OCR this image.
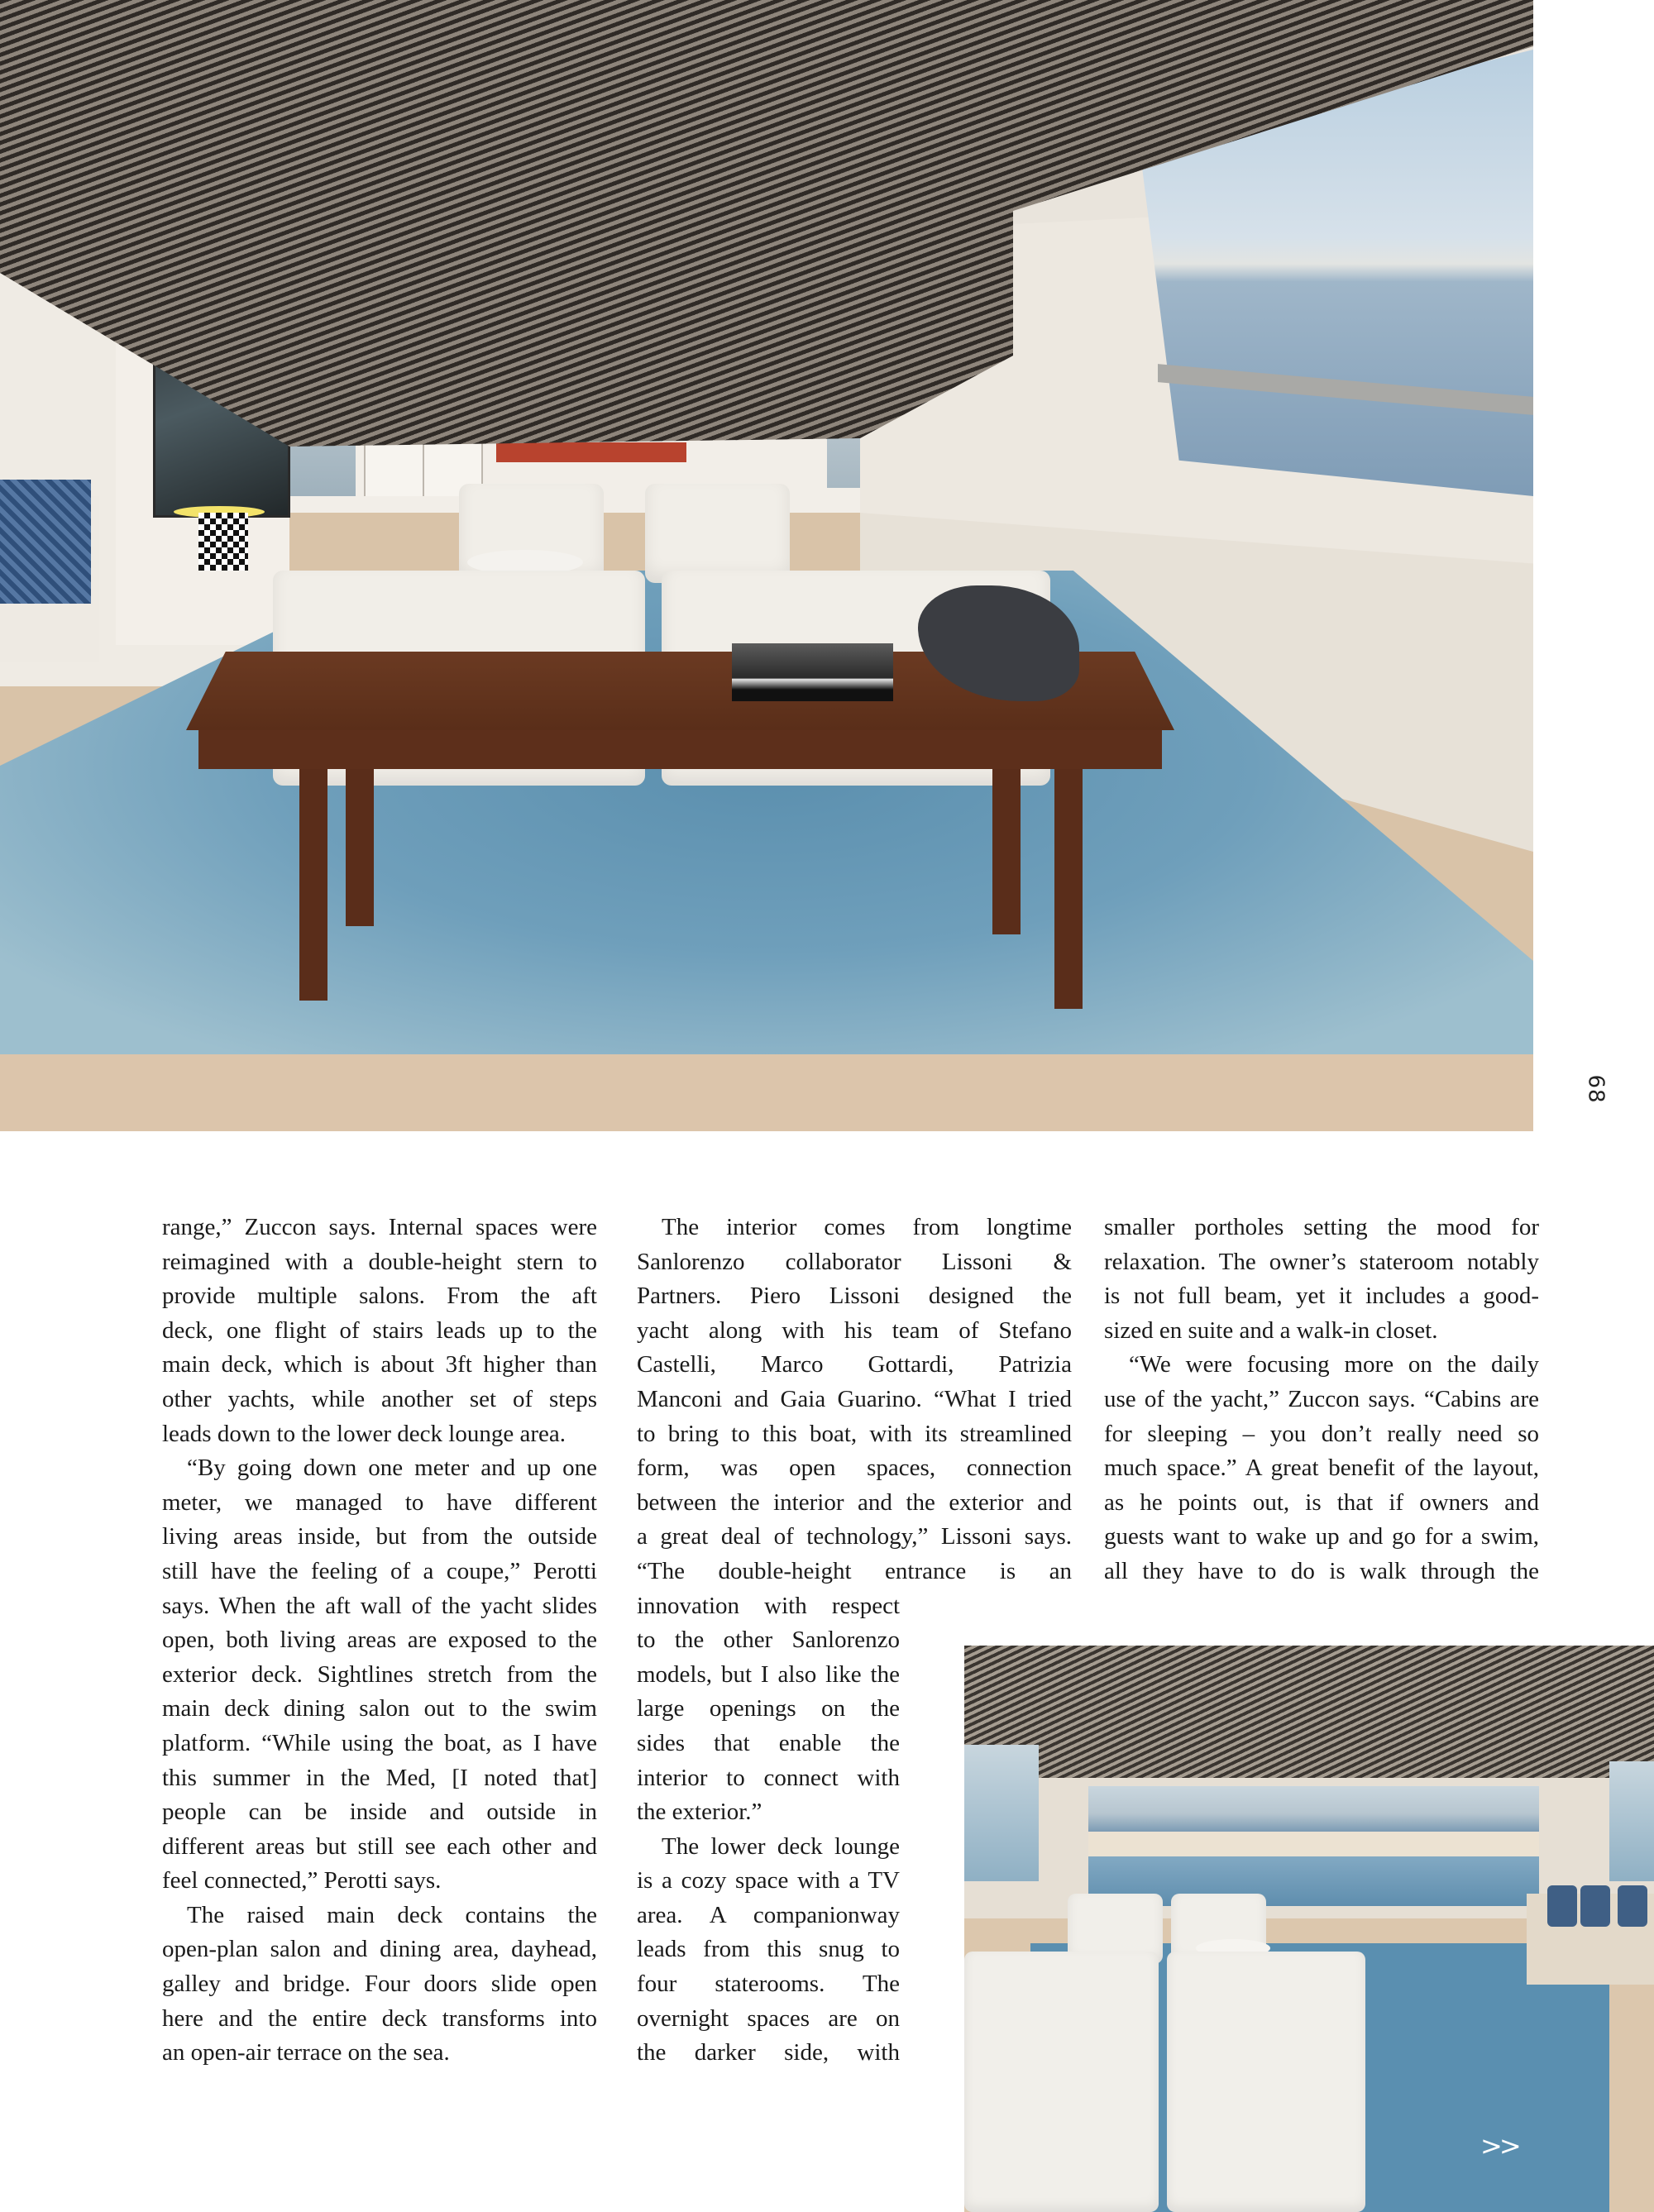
68
range,” Zuccon says. Internal spaces were
reimagined with a double-height stern to
provide multiple salons. From the aft
deck, one flight of stairs leads up to the
main deck, which is about 3ft higher than
other yachts, while another set of steps
leads down to the lower deck lounge area.
“By going down one meter and up one
meter, we managed to have different
living areas inside, but from the outside
still have the feeling of a coupe,” Perotti
says. When the aft wall of the yacht slides
open, both living areas are exposed to the
exterior deck. Sightlines stretch from the
main deck dining salon out to the swim
platform. “While using the boat, as I have
this summer in the Med, [I noted that]
people can be inside and outside in
different areas but still see each other and
feel connected,” Perotti says.
The raised main deck contains the
open-plan salon and dining area, dayhead,
galley and bridge. Four doors slide open
here and the entire deck transforms into
an open-air terrace on the sea.
The interior comes from longtime
Sanlorenzo collaborator Lissoni &
Partners. Piero Lissoni designed the
yacht along with his team of Stefano
Castelli, Marco Gottardi, Patrizia
Manconi and Gaia Guarino. “What I tried
to bring to this boat, with its streamlined
form, was open spaces, connection
between the interior and the exterior and
a great deal of technology,” Lissoni says.
“The double-height entrance is an
innovation with respect
to the other Sanlorenzo
models, but I also like the
large openings on the
sides that enable the
interior to connect with
the exterior.”
The lower deck lounge
is a cozy space with a TV
area. A companionway
leads from this snug to
four staterooms. The
overnight spaces are on
the darker side, with
smaller portholes setting the mood for
relaxation. The owner’s stateroom notably
is not full beam, yet it includes a good-
sized en suite and a walk-in closet.
“We were focusing more on the daily
use of the yacht,” Zuccon says. “Cabins are
for sleeping – you don’t really need so
much space.” A great benefit of the layout,
as he points out, is that if owners and
guests want to wake up and go for a swim,
all they have to do is walk through the
>>
